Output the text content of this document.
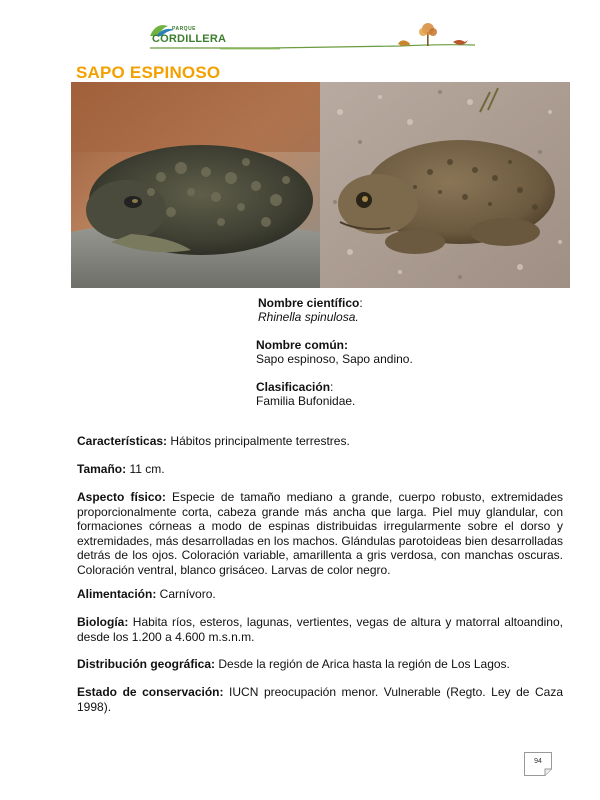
PARQUE
CORDILLERA
SAPO ESPINOSO
Nombre científico:
Rhinella spinulosa.
Nombre común:
Sapo espinoso, Sapo andino.
Clasificación:
Familia Bufonidae.
Características: Hábitos principalmente terrestres.
Tamaño: 11 cm.
Aspecto físico: Especie de tamaño mediano a grande, cuerpo robusto, extremidades proporcionalmente corta, cabeza grande más ancha que larga. Piel muy glandular, con formaciones córneas a modo de espinas distribuidas irregularmente sobre el dorso y extremidades, más desarrolladas en los machos. Glándulas parotoideas bien desarrolladas detrás de los ojos. Coloración variable, amarillenta a gris verdosa, con manchas oscuras. Coloración ventral, blanco grisáceo. Larvas de color negro.
Alimentación: Carnívoro.
Biología: Habita ríos, esteros, lagunas, vertientes, vegas de altura y matorral altoandino, desde los 1.200 a 4.600 m.s.n.m.
Distribución geográfica: Desde la región de Arica hasta la región de Los Lagos.
Estado de conservación: IUCN preocupación menor. Vulnerable (Regto. Ley de Caza 1998).
94
